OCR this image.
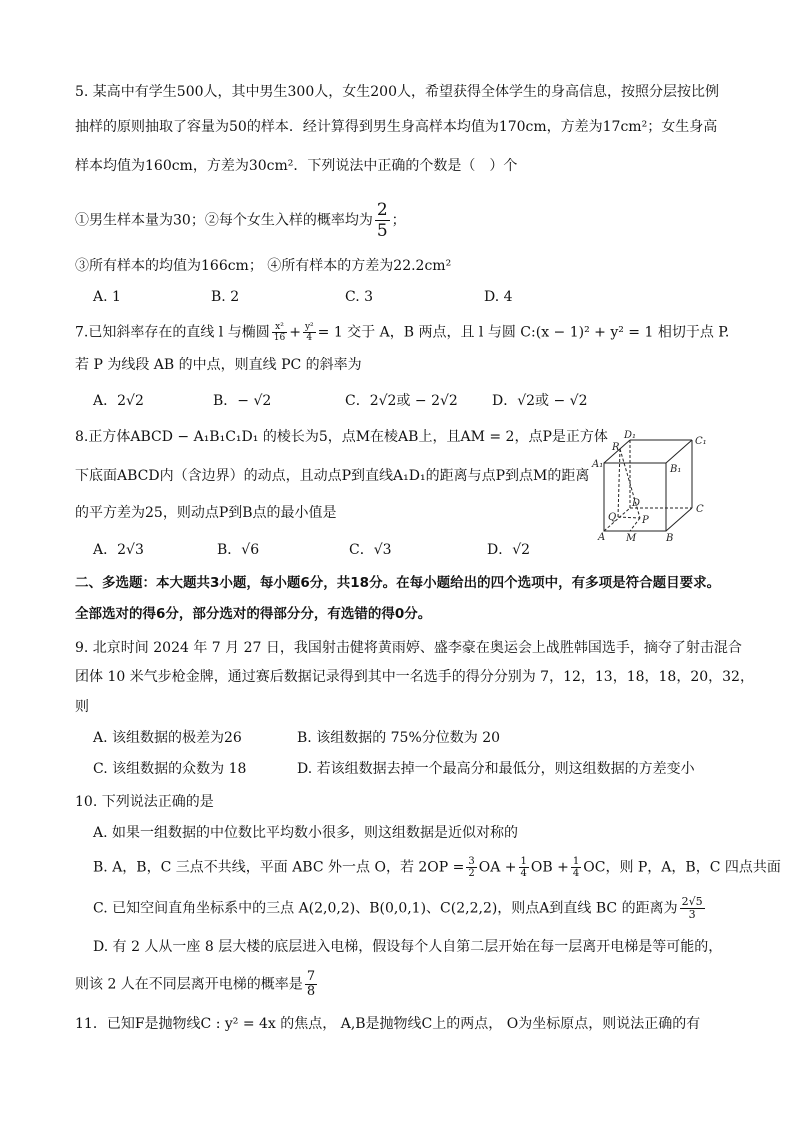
5. 某高中有学生500人，其中男生300人，女生200人，希望获得全体学生的身高信息，按照分层按比例
抽样的原则抽取了容量为50的样本．经计算得到男生身高样本均值为170cm，方差为17cm²；女生身高
样本均值为160cm，方差为30cm²．下列说法中正确的个数是（　）个
①男生样本量为30；②每个女生入样的概率均为 $\frac{2}{5}$ ；
③所有样本的均值为166cm； ④所有样本的方差为22.2cm²
A. 1	B. 2	C. 3	D. 4
7.已知斜率存在的直线 l 与椭圆 $\frac{\text{x²}}{16} + \frac{\text{y²}}{4} = 1$ 交于 A，B 两点，且 l 与圆 C:(x − 1)² + y² = 1 相切于点 P.
若 P 为线段 AB 的中点，则直线 PC 的斜率为
A．2√2	B．− √2	C．2√2或 − 2√2 D．√2或 − √2
8.正方体ABCD − A₁B₁C₁D₁ 的棱长为5，点M在棱AB上，且AM = 2，点P是正方体
下底面ABCD内（含边界）的动点，且动点P到直线A₁D₁的距离与点P到点M的距离
的平方差为25，则动点P到B点的最小值是
A．2√3	B．√6	C．√3	D．√2
D₁
C₁
A₁
R
B₁
D
C
Q	P
A M	B
二、多选题：本大题共3小题，每小题6分，共18分。在每小题给出的四个选项中，有多项是符合题目要求。
全部选对的得6分，部分选对的得部分分，有选错的得0分。
9. 北京时间 2024 年 7 月 27 日，我国射击健将黄雨婷、盛李豪在奥运会上战胜韩国选手，摘夺了射击混合
团体 10 米气步枪金牌，通过赛后数据记录得到其中一名选手的得分分别为 7，12，13，18，18，20，32，
则
A. 该组数据的极差为26	B. 该组数据的 75%分位数为 20
C. 该组数据的众数为 18	D. 若该组数据去掉一个最高分和最低分，则这组数据的方差变小
10. 下列说法正确的是
A. 如果一组数据的中位数比平均数小很多，则这组数据是近似对称的
B. A，B，C 三点不共线，平面 ABC 外一点 O，若 $2OP = \frac{3}{2}$ OA + $\frac{1}{4}$ OB + $\frac{1}{4}$ OC，则 P，A，B，C 四点共面
C. 已知空间直角坐标系中的三点 A(2,0,2)、B(0,0,1)、C(2,2,2)，则点A到直线 BC 的距离为 $\frac{2√5}{3}$
D. 有 2 人从一座 8 层大楼的底层进入电梯，假设每个人自第二层开始在每一层离开电梯是等可能的，
则该 2 人在不同层离开电梯的概率是 $\frac{7}{8}$
11．已知F是抛物线C : y² = 4x 的焦点， A,B是抛物线C上的两点， O为坐标原点，则说法正确的有
